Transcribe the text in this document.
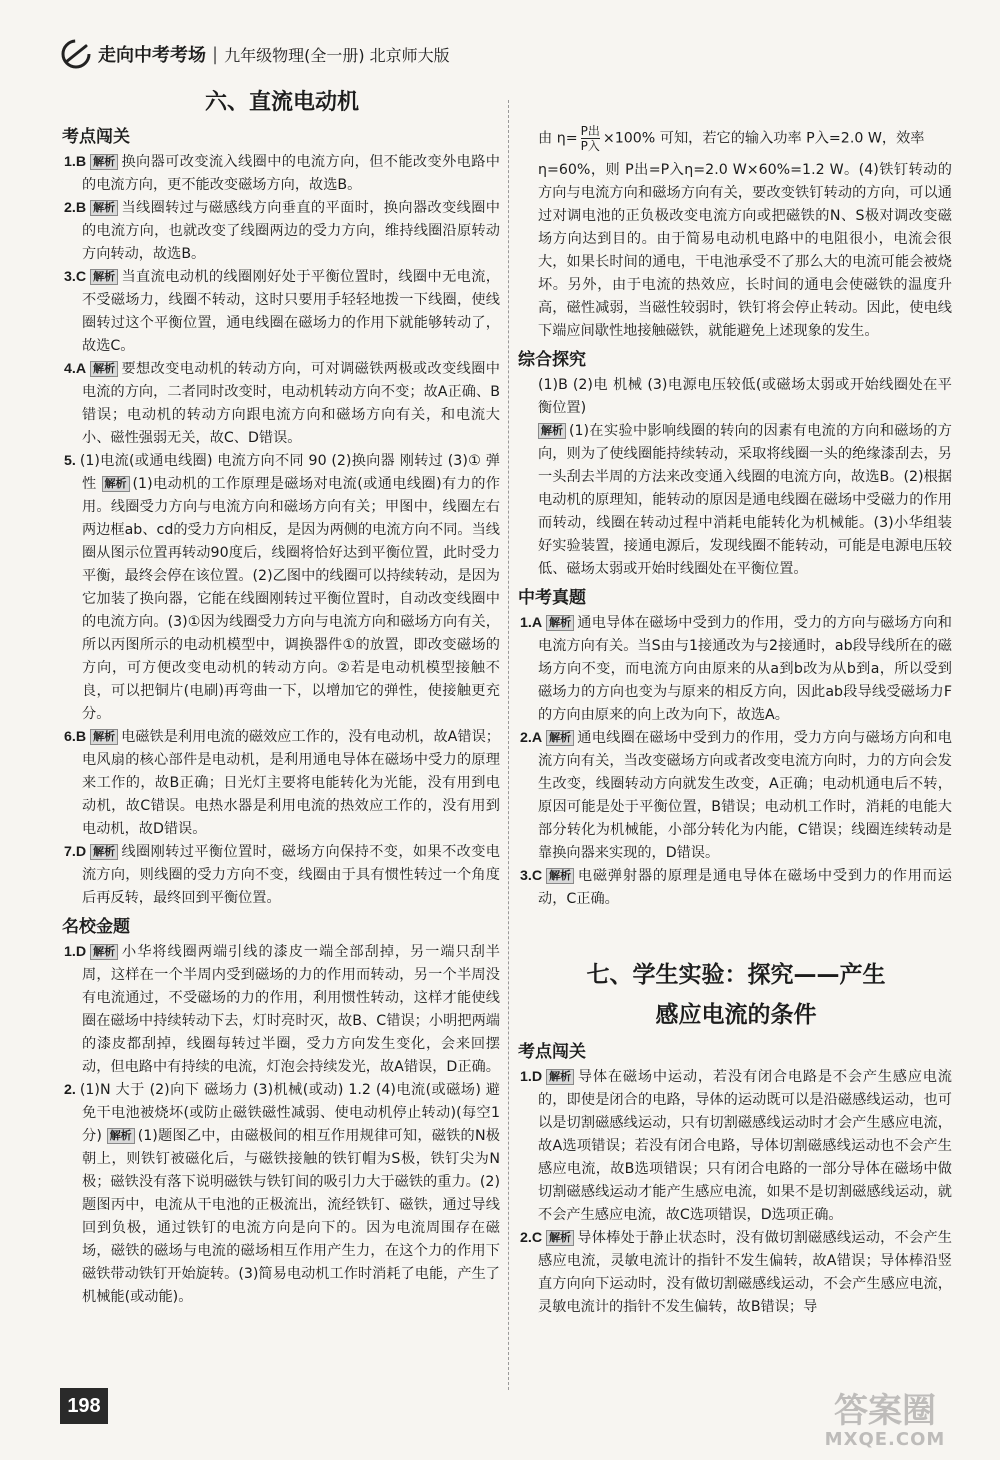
走向中考考场 | 九年级物理(全一册) 北京师大版
六、直流电动机
考点闯关
1.B 解析 换向器可改变流入线圈中的电流方向，但不能改变外电路中的电流方向，更不能改变磁场方向，故选B。
2.B 解析 当线圈转过与磁感线方向垂直的平面时，换向器改变线圈中的电流方向，也就改变了线圈两边的受力方向，维持线圈沿原转动方向转动，故选B。
3.C 解析 当直流电动机的线圈刚好处于平衡位置时，线圈中无电流，不受磁场力，线圈不转动，这时只要用手轻轻地拨一下线圈，使线圈转过这个平衡位置，通电线圈在磁场力的作用下就能够转动了，故选C。
4.A 解析 要想改变电动机的转动方向，可对调磁铁两极或改变线圈中电流的方向，二者同时改变时，电动机转动方向不变；故A正确、B错误；电动机的转动方向跟电流方向和磁场方向有关，和电流大小、磁性强弱无关，故C、D错误。
5. (1)电流(或通电线圈) 电流方向不同 90 (2)换向器 刚转过 (3)① 弹性 解析 (1)电动机的工作原理是磁场对电流(或通电线圈)有力的作用。线圈受力方向与电流方向和磁场方向有关；甲图中，线圈左右两边框ab、cd的受力方向相反，是因为两侧的电流方向不同。当线圈从图示位置再转动90度后，线圈将恰好达到平衡位置，此时受力平衡，最终会停在该位置。(2)乙图中的线圈可以持续转动，是因为它加装了换向器，它能在线圈刚转过平衡位置时，自动改变线圈中的电流方向。(3)①因为线圈受力方向与电流方向和磁场方向有关，所以丙图所示的电动机模型中，调换器件①的放置，即改变磁场的方向，可方便改变电动机的转动方向。②若是电动机模型接触不良，可以把铜片(电刷)再弯曲一下，以增加它的弹性，使接触更充分。
6.B 解析 电磁铁是利用电流的磁效应工作的，没有电动机，故A错误；电风扇的核心部件是电动机，是利用通电导体在磁场中受力的原理来工作的，故B正确；日光灯主要将电能转化为光能，没有用到电动机，故C错误。电热水器是利用电流的热效应工作的，没有用到电动机，故D错误。
7.D 解析 线圈刚转过平衡位置时，磁场方向保持不变，如果不改变电流方向，则线圈的受力方向不变，线圈由于具有惯性转过一个角度后再反转，最终回到平衡位置。
名校金题
1.D 解析 小华将线圈两端引线的漆皮一端全部刮掉，另一端只刮半周，这样在一个半周内受到磁场的力的作用而转动，另一个半周没有电流通过，不受磁场的力的作用，利用惯性转动，这样才能使线圈在磁场中持续转动下去，灯时亮时灭，故B、C错误；小明把两端的漆皮都刮掉，线圈每转过半圈，受力方向发生变化，会来回摆动，但电路中有持续的电流，灯泡会持续发光，故A错误，D正确。
2. (1)N 大于 (2)向下 磁场力 (3)机械(或动) 1.2 (4)电流(或磁场) 避免干电池被烧坏(或防止磁铁磁性减弱、使电动机停止转动)(每空1分) 解析 (1)题图乙中，由磁极间的相互作用规律可知，磁铁的N极朝上，则铁钉被磁化后，与磁铁接触的铁钉帽为S极，铁钉尖为N极；磁铁没有落下说明磁铁与铁钉间的吸引力大于磁铁的重力。(2)题图丙中，电流从干电池的正极流出，流经铁钉、磁铁，通过导线回到负极，通过铁钉的电流方向是向下的。因为电流周围存在磁场，磁铁的磁场与电流的磁场相互作用产生力，在这个力的作用下磁铁带动铁钉开始旋转。(3)简易电动机工作时消耗了电能，产生了机械能(或动能)。
由 η= P出
P入 ×100% 可知，若它的输入功率 P入=2.0 W，效率
η=60%，则 P出=P入η=2.0 W×60%=1.2 W。(4)铁钉转动的方向与电流方向和磁场方向有关，要改变铁钉转动的方向，可以通过对调电池的正负极改变电流方向或把磁铁的N、S极对调改变磁场方向达到目的。由于简易电动机电路中的电阻很小，电流会很大，如果长时间的通电，干电池承受不了那么大的电流可能会被烧坏。另外，由于电流的热效应，长时间的通电会使磁铁的温度升高，磁性减弱，当磁性较弱时，铁钉将会停止转动。因此，使电线下端应间歇性地接触磁铁，就能避免上述现象的发生。
综合探究
(1)B (2)电 机械 (3)电源电压较低(或磁场太弱或开始线圈处在平衡位置)
解析 (1)在实验中影响线圈的转向的因素有电流的方向和磁场的方向，则为了使线圈能持续转动，采取将线圈一头的绝缘漆刮去，另一头刮去半周的方法来改变通入线圈的电流方向，故选B。(2)根据电动机的原理知，能转动的原因是通电线圈在磁场中受磁力的作用而转动，线圈在转动过程中消耗电能转化为机械能。(3)小华组装好实验装置，接通电源后，发现线圈不能转动，可能是电源电压较低、磁场太弱或开始时线圈处在平衡位置。
中考真题
1.A 解析 通电导体在磁场中受到力的作用，受力的方向与磁场方向和电流方向有关。当S由与1接通改为与2接通时，ab段导线所在的磁场方向不变，而电流方向由原来的从a到b改为从b到a，所以受到磁场力的方向也变为与原来的相反方向，因此ab段导线受磁场力F的方向由原来的向上改为向下，故选A。
2.A 解析 通电线圈在磁场中受到力的作用，受力方向与磁场方向和电流方向有关，当改变磁场方向或者改变电流方向时，力的方向会发生改变，线圈转动方向就发生改变，A正确；电动机通电后不转，原因可能是处于平衡位置，B错误；电动机工作时，消耗的电能大部分转化为机械能，小部分转化为内能，C错误；线圈连续转动是靠换向器来实现的，D错误。
3.C 解析 电磁弹射器的原理是通电导体在磁场中受到力的作用而运动，C正确。
七、学生实验：探究——产生
感应电流的条件
考点闯关
1.D 解析 导体在磁场中运动，若没有闭合电路是不会产生感应电流的，即使是闭合的电路，导体的运动既可以是沿磁感线运动，也可以是切割磁感线运动，只有切割磁感线运动时才会产生感应电流，故A选项错误；若没有闭合电路，导体切割磁感线运动也不会产生感应电流，故B选项错误；只有闭合电路的一部分导体在磁场中做切割磁感线运动才能产生感应电流，如果不是切割磁感线运动，就不会产生感应电流，故C选项错误，D选项正确。
2.C 解析 导体棒处于静止状态时，没有做切割磁感线运动，不会产生感应电流，灵敏电流计的指针不发生偏转，故A错误；导体棒沿竖直方向向下运动时，没有做切割磁感线运动，不会产生感应电流，灵敏电流计的指针不发生偏转，故B错误；导
198	答案圈
MXQE.COM
